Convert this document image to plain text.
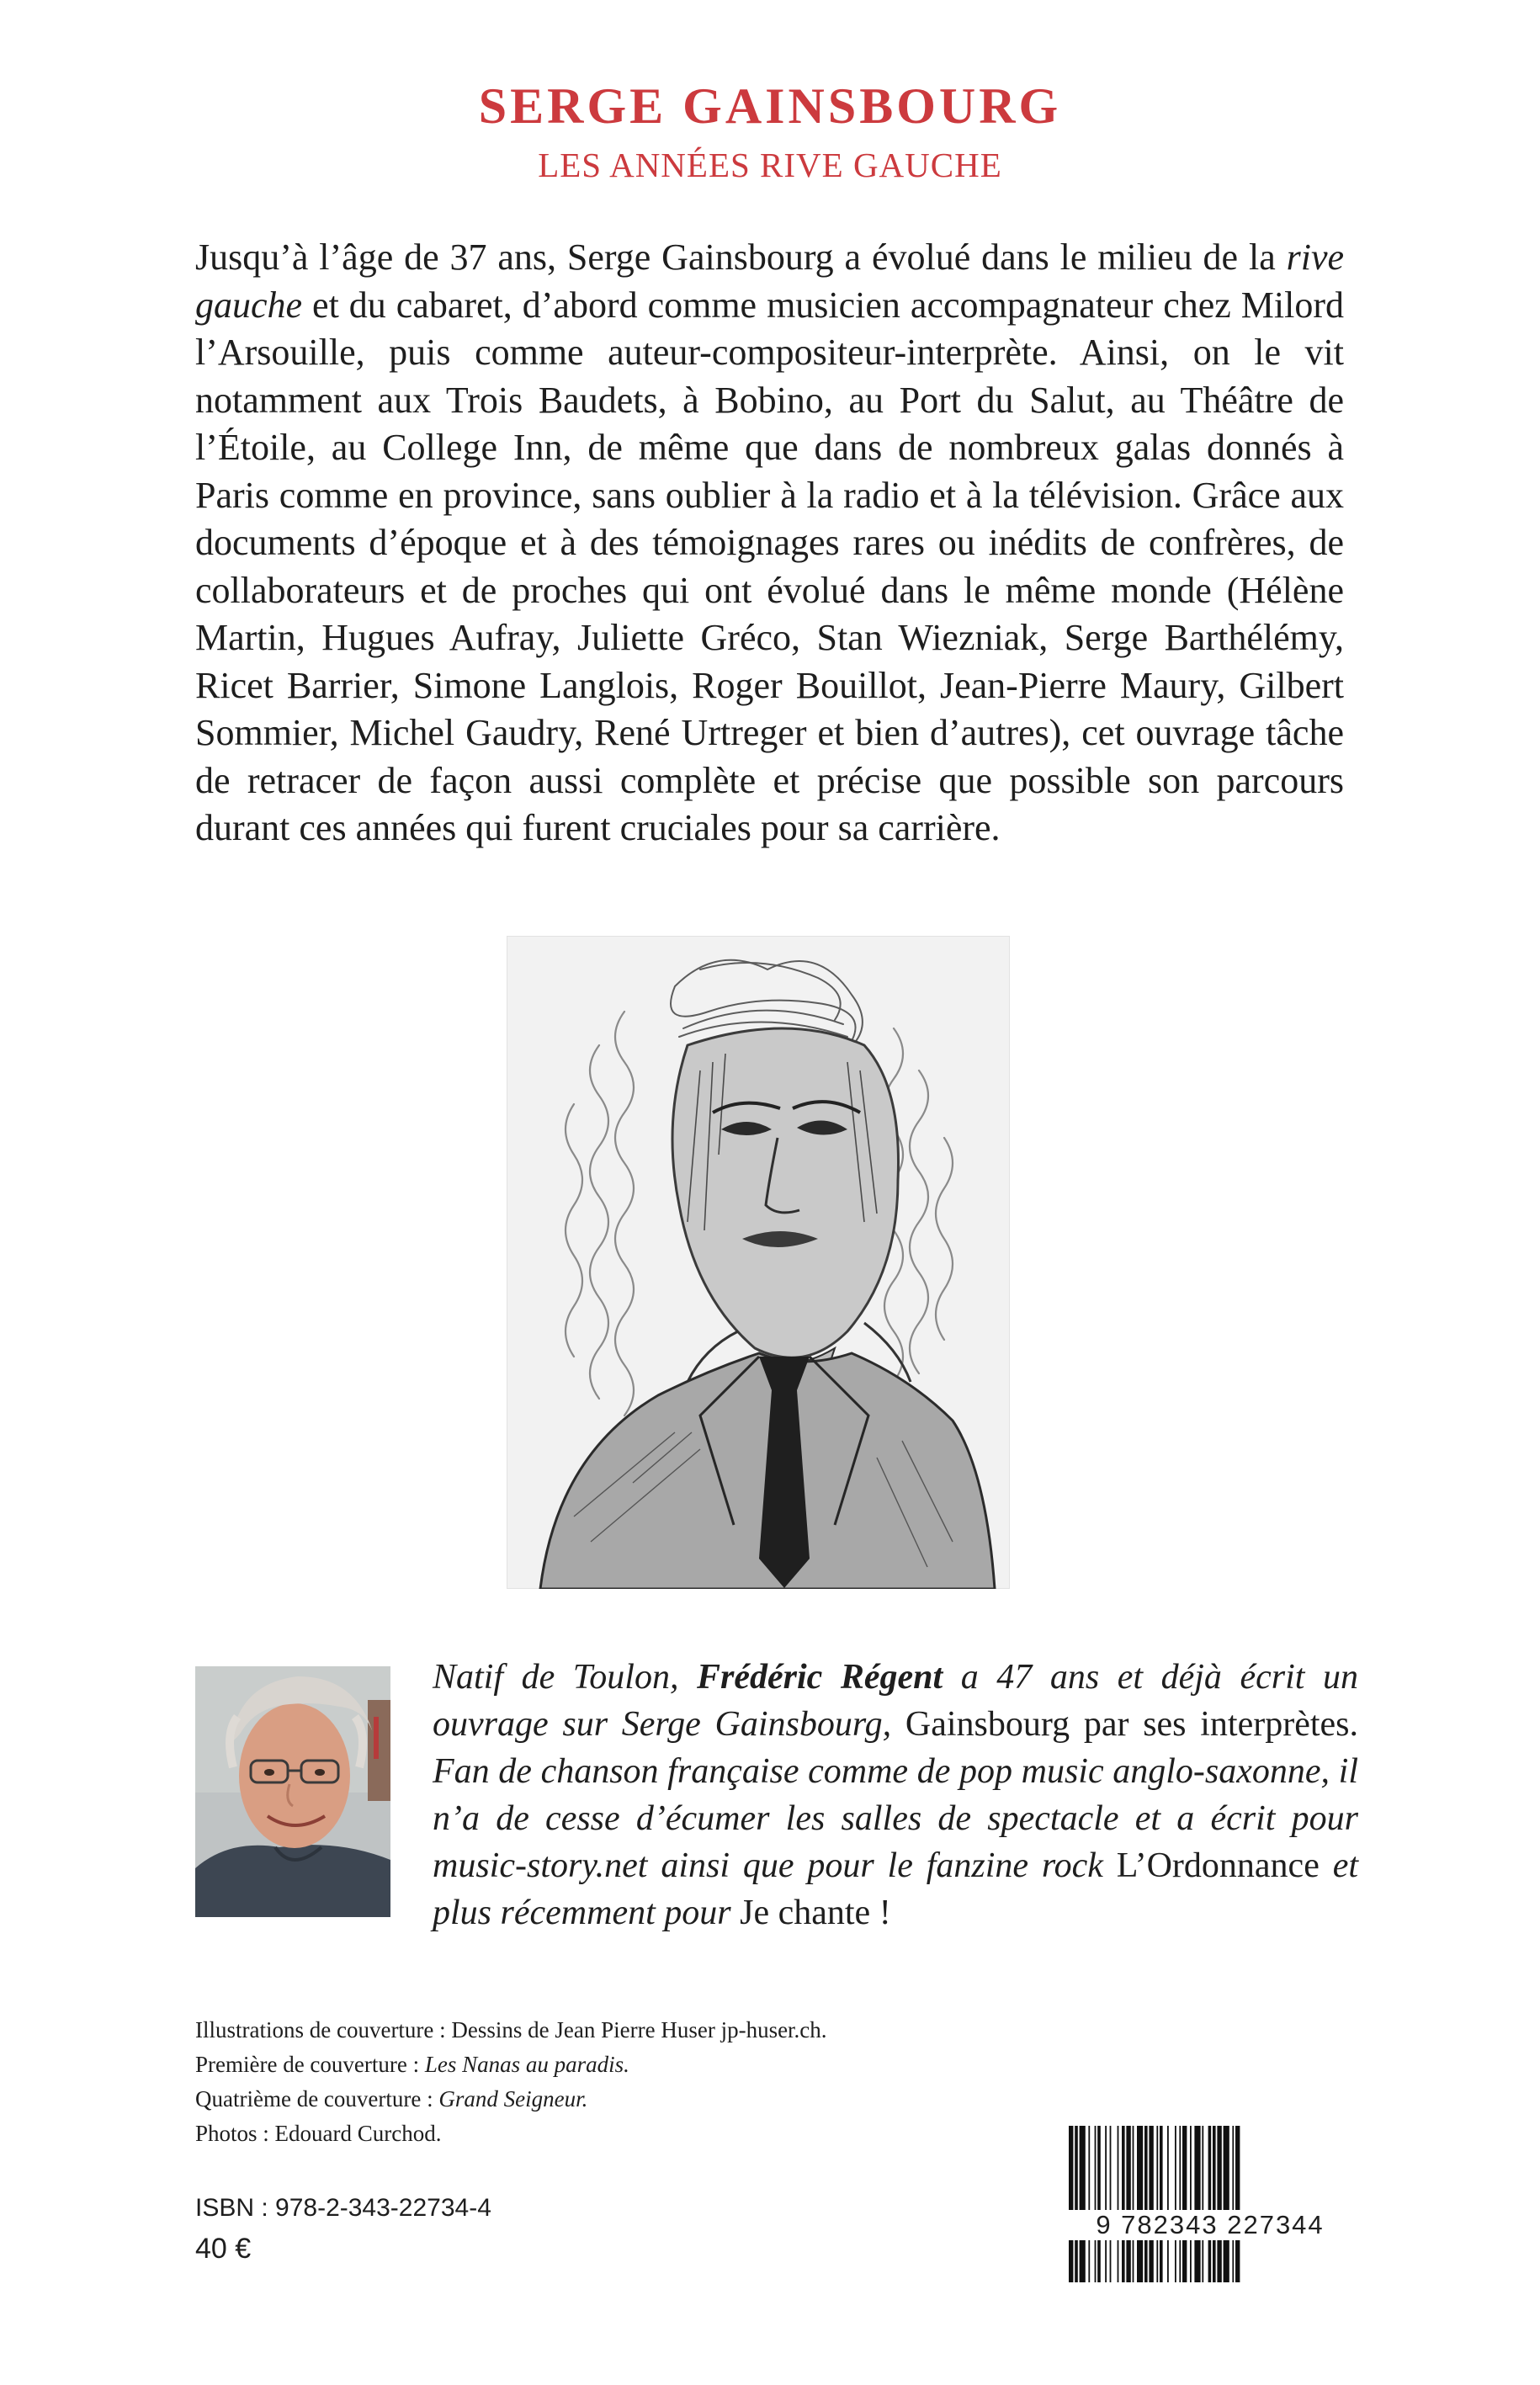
SERGE GAINSBOURG
LES ANNÉES RIVE GAUCHE

Jusqu’à l’âge de 37 ans, Serge Gainsbourg a évolué dans le milieu de la rive gauche et du cabaret, d’abord comme musicien accompagnateur chez Milord l’Arsouille, puis comme auteur-compositeur-interprète. Ainsi, on le vit notamment aux Trois Baudets, à Bobino, au Port du Salut, au Théâtre de l’Étoile, au College Inn, de même que dans de nombreux galas donnés à Paris comme en province, sans oublier à la radio et à la télévision. Grâce aux documents d’époque et à des témoignages rares ou inédits de confrères, de collaborateurs et de proches qui ont évolué dans le même monde (Hélène Martin, Hugues Aufray, Juliette Gréco, Stan Wiezniak, Serge Barthélémy, Ricet Barrier, Simone Langlois, Roger Bouillot, Jean-Pierre Maury, Gilbert Sommier, Michel Gaudry, René Urtreger et bien d’autres), cet ouvrage tâche de retracer de façon aussi complète et précise que possible son parcours durant ces années qui furent cruciales pour sa carrière.

Natif de Toulon, Frédéric Régent a 47 ans et déjà écrit un ouvrage sur Serge Gainsbourg, Gainsbourg par ses interprètes. Fan de chanson française comme de pop music anglo-saxonne, il n’a de cesse d’écumer les salles de spectacle et a écrit pour music-story.net ainsi que pour le fanzine rock L’Ordonnance et plus récemment pour Je chante !

Illustrations de couverture : Dessins de Jean Pierre Huser jp-huser.ch.
Première de couverture : Les Nanas au paradis.
Quatrième de couverture : Grand Seigneur.
Photos : Edouard Curchod.
ISBN : 978-2-343-22734-4
40 €
9 782343 227344
